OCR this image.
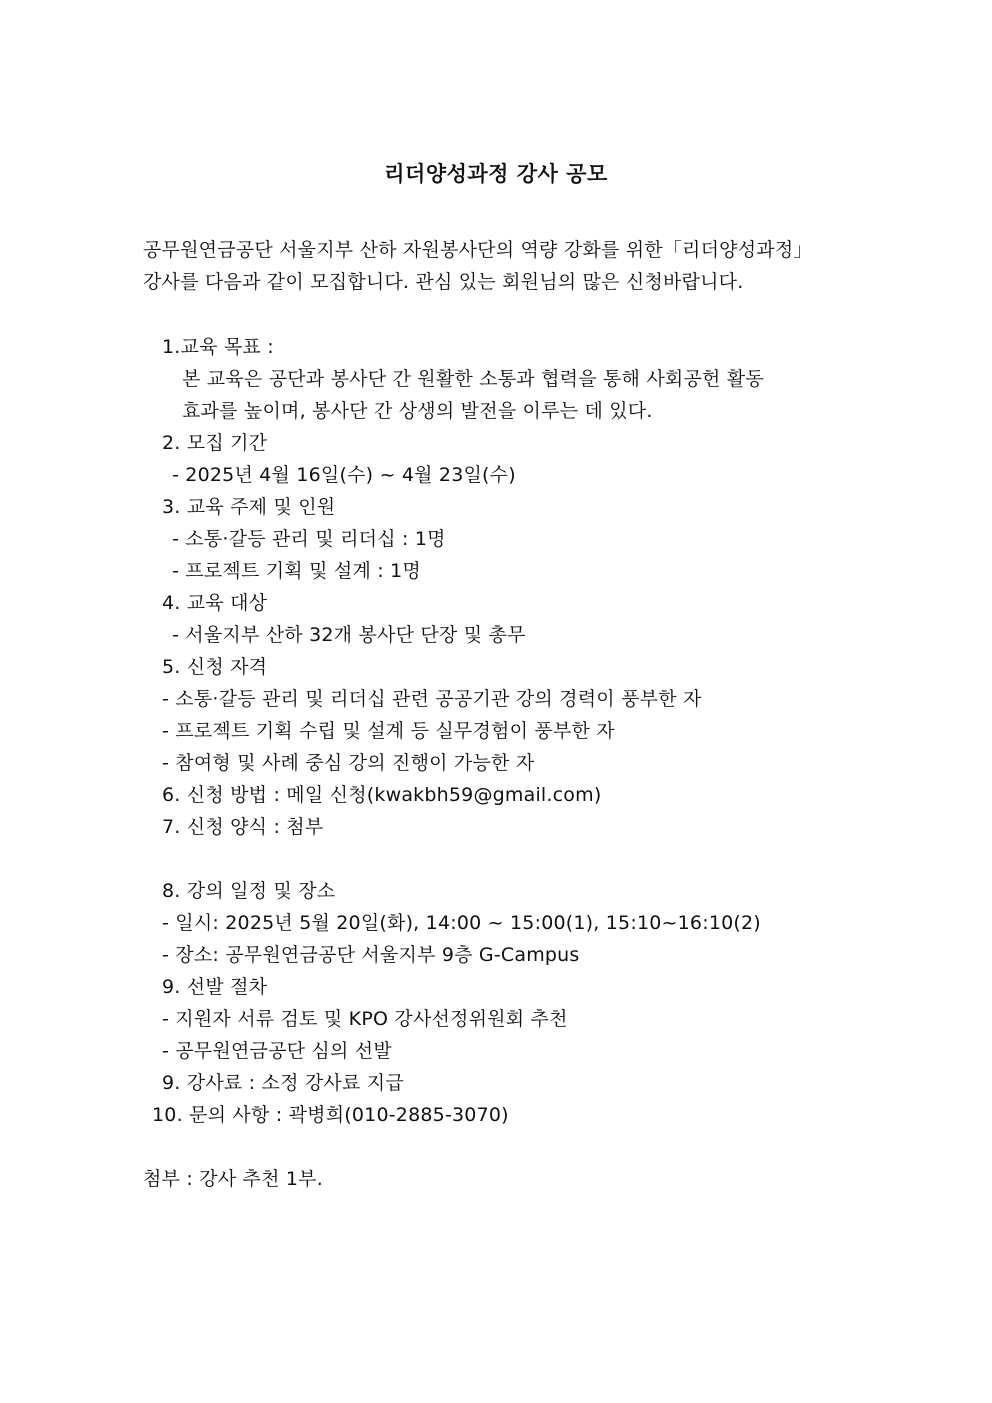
리더양성과정 강사 공모
공무원연금공단 서울지부 산하 자원봉사단의 역량 강화를 위한「리더양성과정」
강사를 다음과 같이 모집합니다. 관심 있는 회원님의 많은 신청바랍니다.
1.교육 목표 :
본 교육은 공단과 봉사단 간 원활한 소통과 협력을 통해 사회공헌 활동
효과를 높이며, 봉사단 간 상생의 발전을 이루는 데 있다.
2. 모집 기간
- 2025년 4월 16일(수) ~ 4월 23일(수)
3. 교육 주제 및 인원
- 소통·갈등 관리 및 리더십 : 1명
- 프로젝트 기획 및 설계 : 1명
4. 교육 대상
- 서울지부 산하 32개 봉사단 단장 및 총무
5. 신청 자격
- 소통·갈등 관리 및 리더십 관련 공공기관 강의 경력이 풍부한 자
- 프로젝트 기획 수립 및 설계 등 실무경험이 풍부한 자
- 참여형 및 사례 중심 강의 진행이 가능한 자
6. 신청 방법 : 메일 신청(kwakbh59@gmail.com)
7. 신청 양식 : 첨부
8. 강의 일정 및 장소
- 일시: 2025년 5월 20일(화), 14:00 ~ 15:00(1), 15:10~16:10(2)
- 장소: 공무원연금공단 서울지부 9층 G-Campus
9. 선발 절차
- 지원자 서류 검토 및 KPO 강사선정위원회 추천
- 공무원연금공단 심의 선발
9. 강사료 : 소정 강사료 지급
10. 문의 사항 : 곽병희(010-2885-3070)
첨부 : 강사 추천 1부.
